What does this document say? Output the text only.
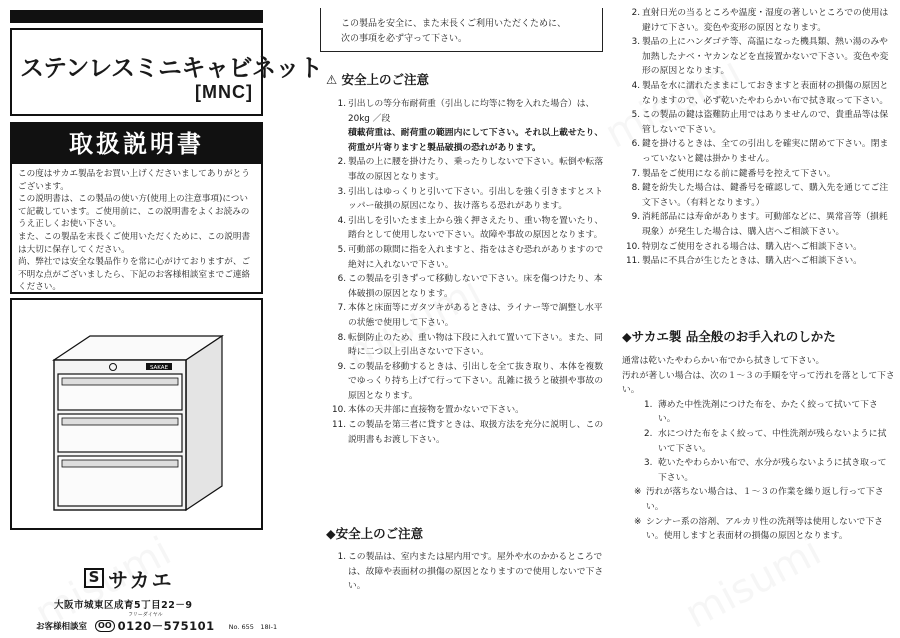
ステンレスミニキャビネット
[MNC]
取扱説明書

この度はサカエ製品をお買い上げくださいましてありがとうございます。

この説明書は、この製品の使い方(使用上の注意事項)について記載しています。ご使用前に、この説明書をよくお読みのうえ正しくお使い下さい。

また、この製品を末長くご使用いただくために、この説明書は大切に保存してください。

尚、弊社では安全な製品作りを常に心がけておりますが、ご不明な点がございましたら、下記のお客様相談室までご連絡ください。

SAKAE
S サカエ
大阪市城東区成育5丁目22－9
フリーダイヤル
お客様相談室	OO 0120－575101 No. 655　18I-1
この製品を安全に、また末長くご利用いただくために、
次の事項を必ず守って下さい。
⚠ 安全上のご注意
1. 引出しの等分布耐荷重（引出しに均等に物を入れた場合）は、　20kg ／段
積載荷重は、耐荷重の範囲内にして下さい。それ以上載せたり、荷重が片寄りますと製品破損の恐れがあります。
2. 製品の上に腰を掛けたり、乗ったりしないで下さい。転倒や転落事故の原因となります。
3. 引出しはゆっくりと引いて下さい。引出しを強く引きますとストッパー破損の原因になり、抜け落ちる恐れがあります。
4. 引出しを引いたまま上から強く押さえたり、重い物を置いたり、踏台として使用しないで下さい。故障や事故の原因となります。
5. 可動部の隙間に指を入れますと、指をはさむ恐れがありますので絶対に入れないで下さい。
6. この製品を引きずって移動しないで下さい。床を傷つけたり、本体破損の原因となります。
7. 本体と床面等にガタツキがあるときは、ライナー等で調整し水平の状態で使用して下さい。
8. 転倒防止のため、重い物は下段に入れて置いて下さい。また、同時に二つ以上引出さないで下さい。
9. この製品を移動するときは、引出しを全て抜き取り、本体を複数でゆっくり持ち上げて行って下さい。乱雑に扱うと破損や事故の原因となります。
10. 本体の天井部に直接物を置かないで下さい。
11. この製品を第三者に貸すときは、取扱方法を充分に説明し、この説明書もお渡し下さい。
◆安全上のご注意
1. この製品は、室内または屋内用です。屋外や水のかかるところでは、故障や表面材の損傷の原因となりますので使用しないで下さい。
2. 直射日光の当るところや温度・湿度の著しいところでの使用は避けて下さい。変色や変形の原因となります。
3. 製品の上にハンダゴテ等、高温になった機具類、熱い湯のみや加熱したナベ・ヤカンなどを直接置かないで下さい。変色や変形の原因となります。
4. 製品を水に濡れたままにしておきますと表面材の損傷の原因となりますので、必ず乾いたやわらかい布で拭き取って下さい。
5. この製品の鍵は盗難防止用ではありませんので、貴重品等は保管しないで下さい。
6. 鍵を掛けるときは、全ての引出しを確実に閉めて下さい。閉まっていないと鍵は掛かりません。
7. 製品をご使用になる前に鍵番号を控えて下さい。
8. 鍵を紛失した場合は、鍵番号を確認して、購入先を通じてご注文下さい。（有料となります。）
9. 消耗部品には寿命があります。可動部などに、異常音等（損耗現象）が発生した場合は、購入店へご相談下さい。
10. 特別なご使用をされる場合は、購入店へご相談下さい。
11. 製品に不具合が生じたときは、購入店へご相談下さい。
◆サカエ製 品全般のお手入れのしかた

通常は乾いたやわらかい布でから拭きして下さい。

汚れが著しい場合は、次の１～３の手順を守って汚れを落として下さい。

1. 薄めた中性洗剤につけた布を、かたく絞って拭いて下さい。
2. 水につけた布をよく絞って、中性洗剤が残らないように拭いて下さい。
3. 乾いたやわらかい布で、水分が残らないように拭き取って下さい。
※ 汚れが落ちない場合は、１～３の作業を繰り返し行って下さい。
※ シンナー系の溶剤、アルカリ性の洗剤等は使用しないで下さい。使用しますと表面材の損傷の原因となります。
